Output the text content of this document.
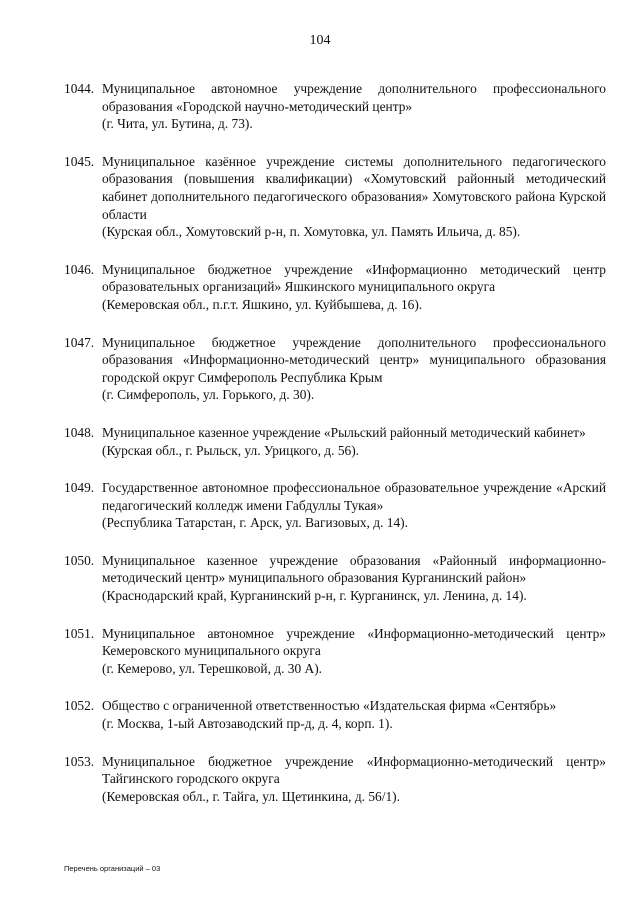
104
1044. Муниципальное автономное учреждение дополнительного профессионального образования «Городской научно-методический центр»
(г. Чита, ул. Бутина, д. 73).
1045. Муниципальное казённое учреждение системы дополнительного педагогического образования (повышения квалификации) «Хомутовский районный методический кабинет дополнительного педагогического образования» Хомутовского района Курской области
(Курская обл., Хомутовский р-н, п. Хомутовка, ул. Память Ильича, д. 85).
1046. Муниципальное бюджетное учреждение «Информационно методический центр образовательных организаций» Яшкинского муниципального округа
(Кемеровская обл., п.г.т. Яшкино, ул. Куйбышева, д. 16).
1047. Муниципальное бюджетное учреждение дополнительного профессионального образования «Информационно-методический центр» муниципального образования городской округ Симферополь Республика Крым
(г. Симферополь, ул. Горького, д. 30).
1048. Муниципальное казенное учреждение «Рыльский районный методический кабинет»
(Курская обл., г. Рыльск, ул. Урицкого, д. 56).
1049. Государственное автономное профессиональное образовательное учреждение «Арский педагогический колледж имени Габдуллы Тукая»
(Республика Татарстан, г. Арск, ул. Вагизовых, д. 14).
1050. Муниципальное казенное учреждение образования «Районный информационно-методический центр» муниципального образования Курганинский район»
(Краснодарский край, Курганинский р-н, г. Курганинск, ул. Ленина, д. 14).
1051. Муниципальное автономное учреждение «Информационно-методический центр» Кемеровского муниципального округа
(г. Кемерово, ул. Терешковой, д. 30 А).
1052. Общество с ограниченной ответственностью «Издательская фирма «Сентябрь»
(г. Москва, 1-ый Автозаводский пр-д, д. 4, корп. 1).
1053. Муниципальное бюджетное учреждение «Информационно-методический центр» Тайгинского городского округа
(Кемеровская обл., г. Тайга, ул. Щетинкина, д. 56/1).
Перечень организаций – 03
